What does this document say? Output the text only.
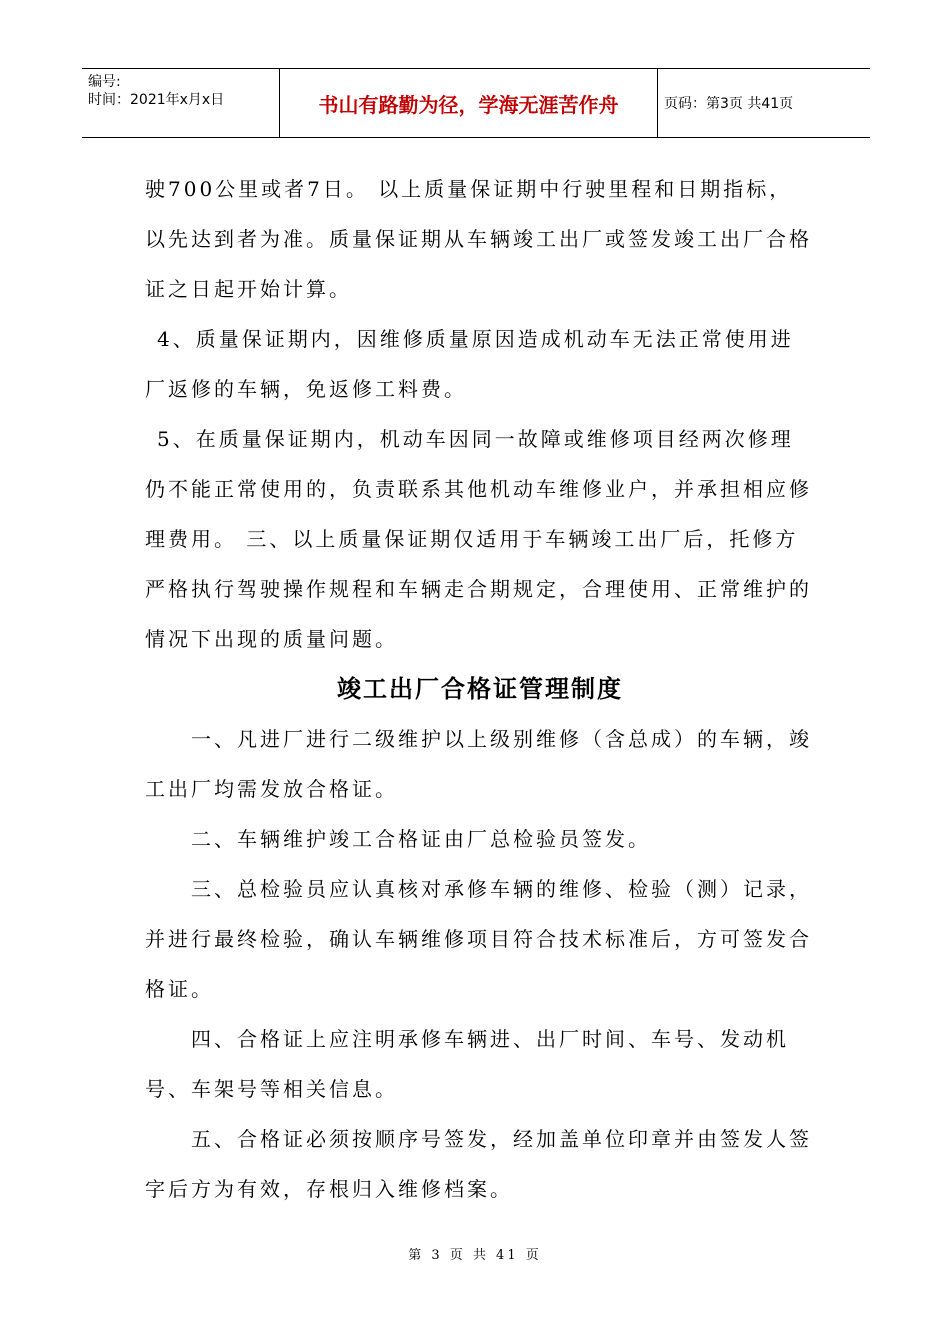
编号:
时间：2021年x月x日	书山有路勤为径，学海无涯苦作舟	页码：第3页 共41页

驶700公里或者7日。 以上质量保证期中行驶里程和日期指标，以先达到者为准。质量保证期从车辆竣工出厂或签发竣工出厂合格证之日起开始计算。

4、质量保证期内，因维修质量原因造成机动车无法正常使用进厂返修的车辆，免返修工料费。

5、在质量保证期内，机动车因同一故障或维修项目经两次修理仍不能正常使用的，负责联系其他机动车维修业户，并承担相应修理费用。 三、以上质量保证期仅适用于车辆竣工出厂后，托修方严格执行驾驶操作规程和车辆走合期规定，合理使用、正常维护的情况下出现的质量问题。

竣工出厂合格证管理制度

一、凡进厂进行二级维护以上级别维修（含总成）的车辆，竣工出厂均需发放合格证。

二、车辆维护竣工合格证由厂总检验员签发。

三、总检验员应认真核对承修车辆的维修、检验（测）记录，并进行最终检验，确认车辆维修项目符合技术标准后，方可签发合格证。

四、合格证上应注明承修车辆进、出厂时间、车号、发动机号、车架号等相关信息。

五、合格证必须按顺序号签发，经加盖单位印章并由签发人签字后方为有效，存根归入维修档案。

第 3 页 共 41 页
